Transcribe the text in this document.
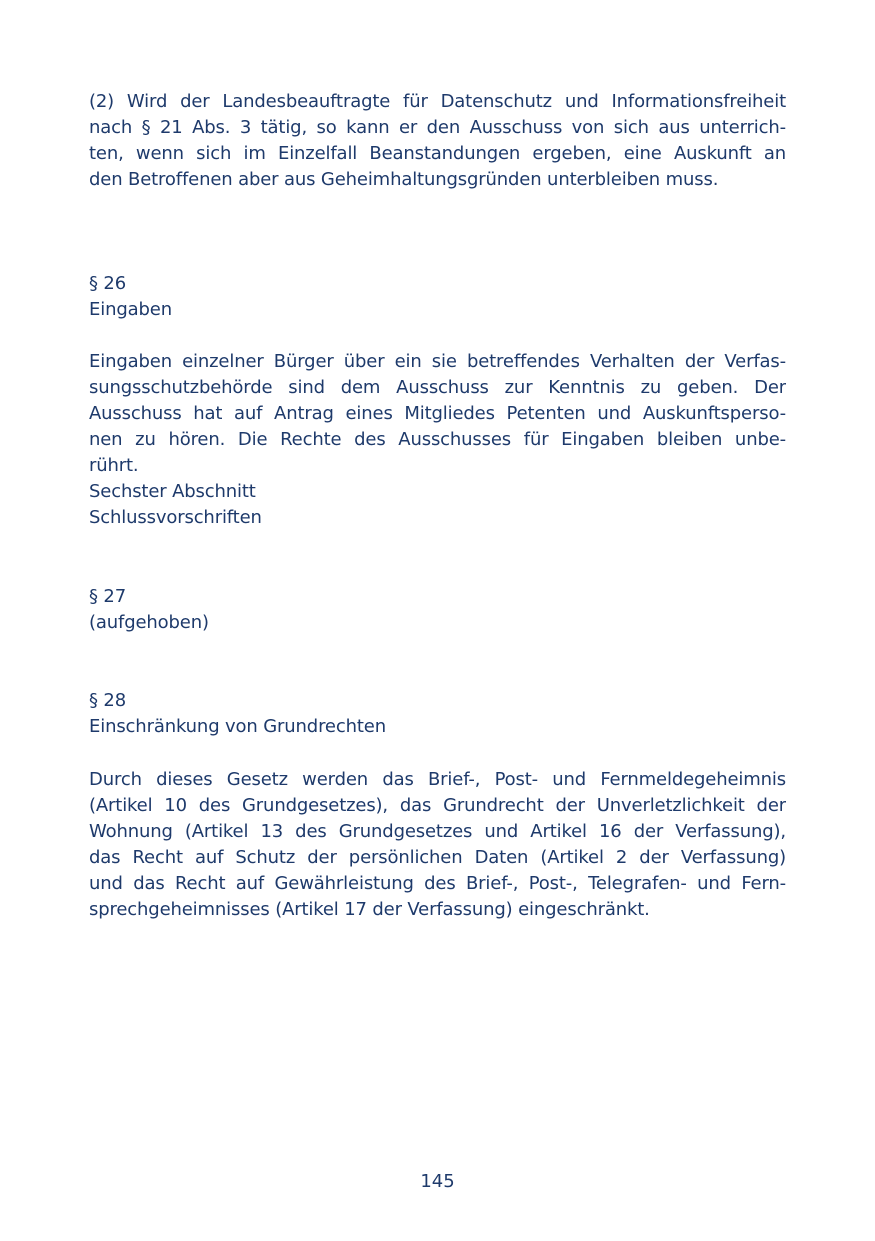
(2) Wird der Landesbeauftragte für Datenschutz und Informationsfreiheit
nach § 21 Abs. 3 tätig, so kann er den Ausschuss von sich aus unterrich-
ten, wenn sich im Einzelfall Beanstandungen ergeben, eine Auskunft an
den Betroffenen aber aus Geheimhaltungsgründen unterbleiben muss.
§ 26
Eingaben
Eingaben einzelner Bürger über ein sie betreffendes Verhalten der Verfas-
sungsschutzbehörde sind dem Ausschuss zur Kenntnis zu geben. Der
Ausschuss hat auf Antrag eines Mitgliedes Petenten und Auskunftsperso-
nen zu hören. Die Rechte des Ausschusses für Eingaben bleiben unbe-
rührt.
Sechster Abschnitt
Schlussvorschriften
§ 27
(aufgehoben)
§ 28
Einschränkung von Grundrechten
Durch dieses Gesetz werden das Brief-, Post- und Fernmeldegeheimnis
(Artikel 10 des Grundgesetzes), das Grundrecht der Unverletzlichkeit der
Wohnung (Artikel 13 des Grundgesetzes und Artikel 16 der Verfassung),
das Recht auf Schutz der persönlichen Daten (Artikel 2 der Verfassung)
und das Recht auf Gewährleistung des Brief-, Post-, Telegrafen- und Fern-
sprechgeheimnisses (Artikel 17 der Verfassung) eingeschränkt.
145
